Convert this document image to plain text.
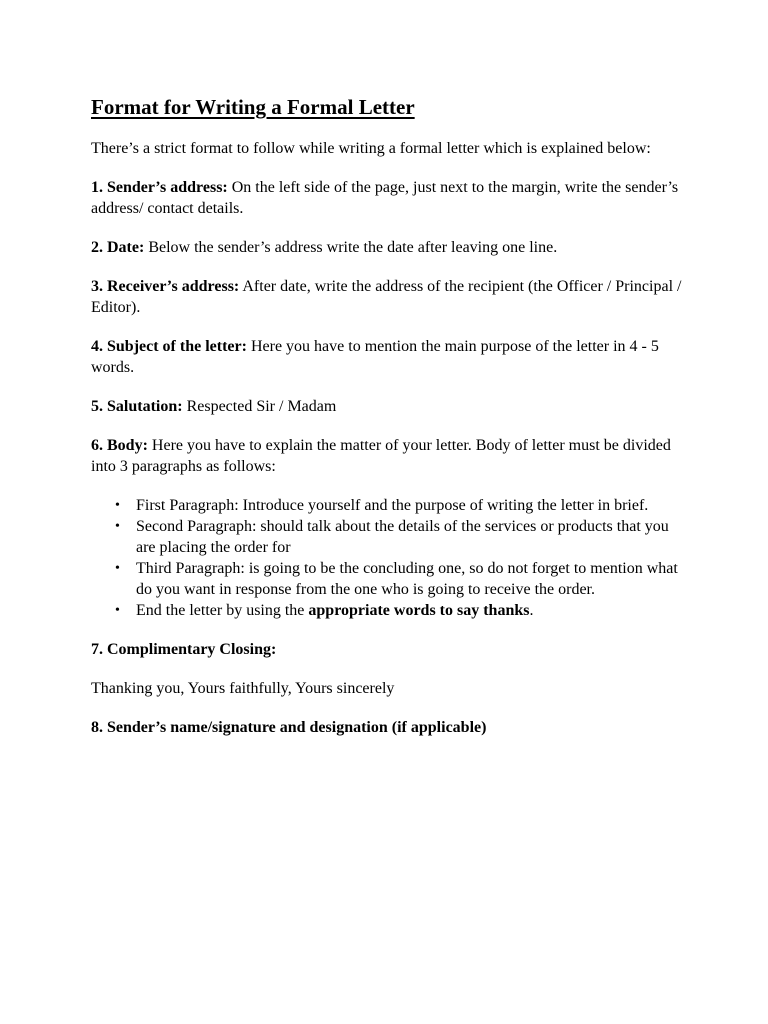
Format for Writing a Formal Letter

There’s a strict format to follow while writing a formal letter which is explained below:

1. Sender’s address: On the left side of the page, just next to the margin, write the sender’s address/ contact details.

2. Date: Below the sender’s address write the date after leaving one line.

3. Receiver’s address: After date, write the address of the recipient (the Officer / Principal / Editor).

4. Subject of the letter: Here you have to mention the main purpose of the letter in 4 - 5 words.

5. Salutation: Respected Sir / Madam

6. Body: Here you have to explain the matter of your letter. Body of letter must be divided into 3 paragraphs as follows:

• First Paragraph: Introduce yourself and the purpose of writing the letter in brief.
• Second Paragraph: should talk about the details of the services or products that you are placing the order for
• Third Paragraph: is going to be the concluding one, so do not forget to mention what do you want in response from the one who is going to receive the order.
• End the letter by using the appropriate words to say thanks.

7. Complimentary Closing:

Thanking you, Yours faithfully, Yours sincerely

8. Sender’s name/signature and designation (if applicable)
